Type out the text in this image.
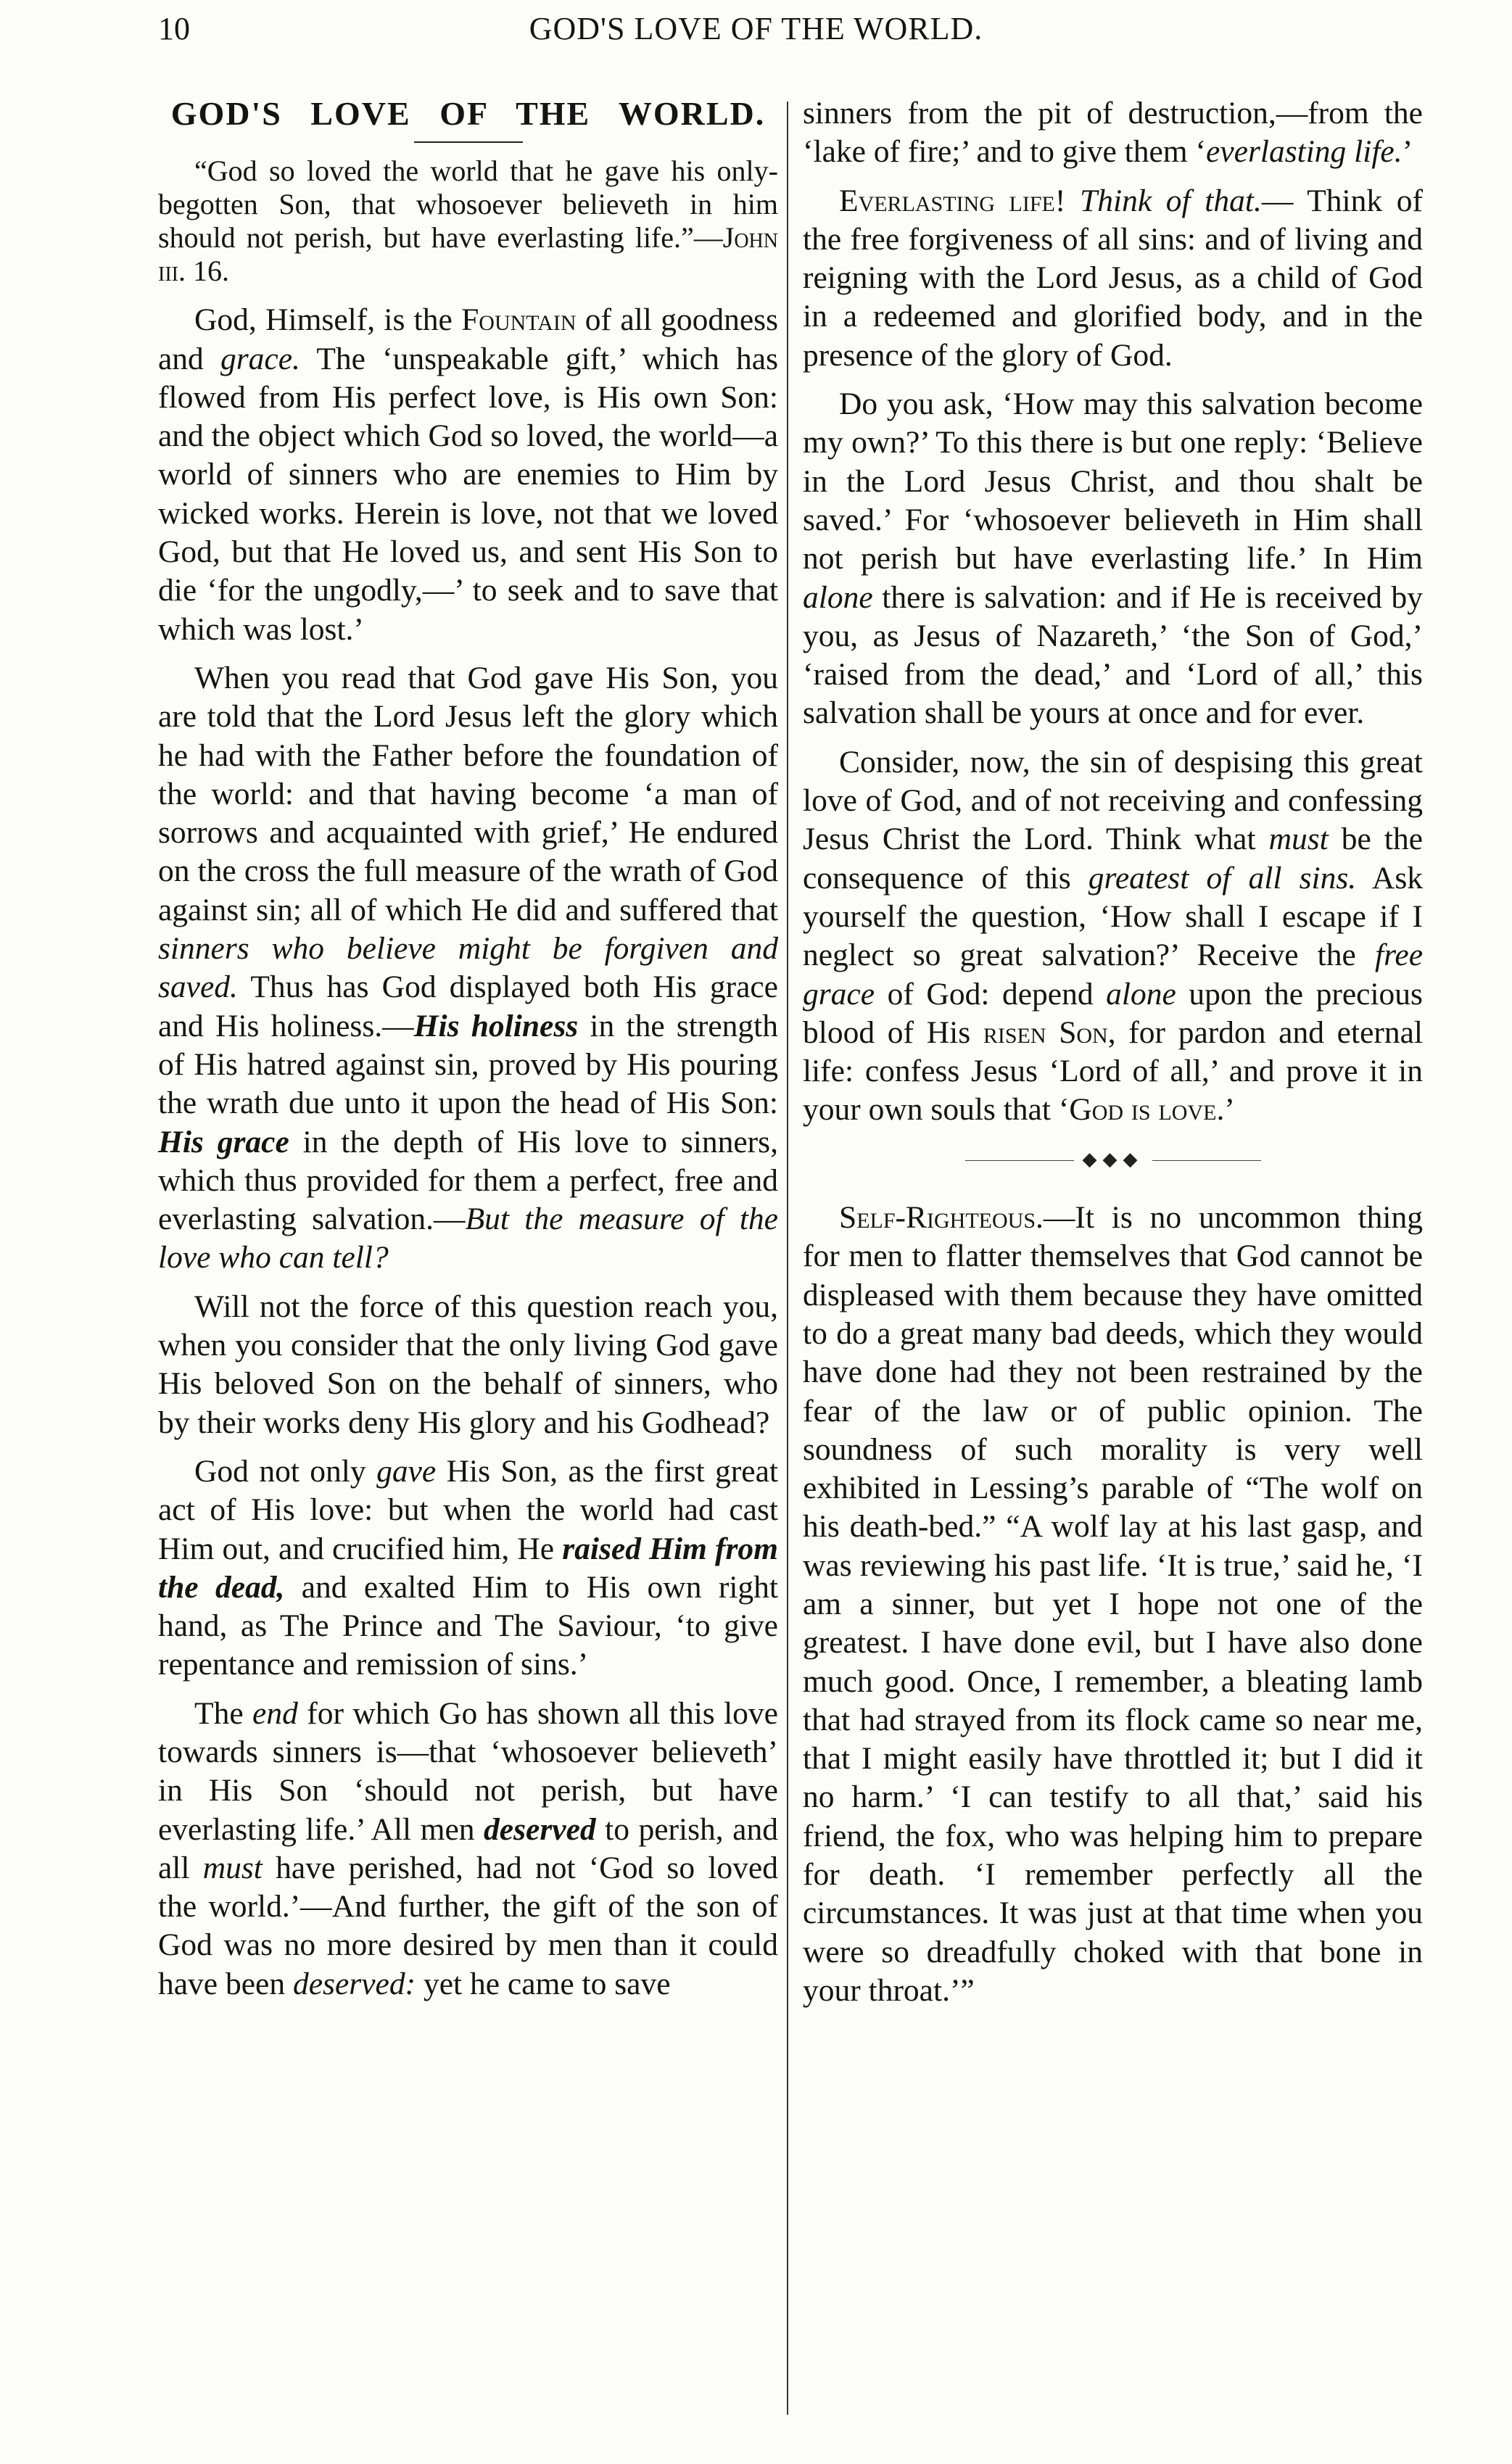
10	GOD'S LOVE OF THE WORLD.
GOD'S LOVE OF THE WORLD.
“God so loved the world that he gave his only-begotten Son, that whosoever believeth in him should not perish, but have everlasting life.”—John iii. 16.

God, Himself, is the Fountain of all goodness and grace. The ‘unspeakable gift,’ which has flowed from His perfect love, is His own Son: and the object which God so loved, the world—a world of sinners who are enemies to Him by wicked works. Herein is love, not that we loved God, but that He loved us, and sent His Son to die ‘for the ungodly,—’ to seek and to save that which was lost.’

When you read that God gave His Son, you are told that the Lord Jesus left the glory which he had with the Father before the foundation of the world: and that having become ‘a man of sorrows and acquainted with grief,’ He endured on the cross the full measure of the wrath of God against sin; all of which He did and suffered that sinners who believe might be forgiven and saved. Thus has God displayed both His grace and His holiness.—His holiness in the strength of His hatred against sin, proved by His pouring the wrath due unto it upon the head of His Son: His grace in the depth of His love to sinners, which thus provided for them a perfect, free and everlasting salvation.—But the measure of the love who can tell?

Will not the force of this question reach you, when you consider that the only living God gave His beloved Son on the behalf of sinners, who by their works deny His glory and his Godhead?

God not only gave His Son, as the first great act of His love: but when the world had cast Him out, and crucified him, He raised Him from the dead, and exalted Him to His own right hand, as The Prince and The Saviour, ‘to give repentance and remission of sins.’

The end for which Go has shown all this love towards sinners is—that ‘whosoever believeth’ in His Son ‘should not perish, but have everlasting life.’ All men deserved to perish, and all must have perished, had not ‘God so loved the world.’—And further, the gift of the son of God was no more desired by men than it could have been deserved: yet he came to save

sinners from the pit of destruction,—from the ‘lake of fire;’ and to give them ‘everlasting life.’

Everlasting life! Think of that.— Think of the free forgiveness of all sins: and of living and reigning with the Lord Jesus, as a child of God in a redeemed and glorified body, and in the presence of the glory of God.

Do you ask, ‘How may this salvation become my own?’ To this there is but one reply: ‘Believe in the Lord Jesus Christ, and thou shalt be saved.’ For ‘whosoever believeth in Him shall not perish but have everlasting life.’ In Him alone there is salvation: and if He is received by you, as Jesus of Nazareth,’ ‘the Son of God,’ ‘raised from the dead,’ and ‘Lord of all,’ this salvation shall be yours at once and for ever.

Consider, now, the sin of despising this great love of God, and of not receiving and confessing Jesus Christ the Lord. Think what must be the consequence of this greatest of all sins. Ask yourself the question, ‘How shall I escape if I neglect so great salvation?’ Receive the free grace of God: depend alone upon the precious blood of His risen Son, for pardon and eternal life: confess Jesus ‘Lord of all,’ and prove it in your own souls that ‘God is love.’

◆◆◆

Self-Righteous.—It is no uncommon thing for men to flatter themselves that God cannot be displeased with them because they have omitted to do a great many bad deeds, which they would have done had they not been restrained by the fear of the law or of public opinion. The soundness of such morality is very well exhibited in Lessing’s parable of “The wolf on his death-bed.” “A wolf lay at his last gasp, and was reviewing his past life. ‘It is true,’ said he, ‘I am a sinner, but yet I hope not one of the greatest. I have done evil, but I have also done much good. Once, I remember, a bleating lamb that had strayed from its flock came so near me, that I might easily have throttled it; but I did it no harm.’ ‘I can testify to all that,’ said his friend, the fox, who was helping him to prepare for death. ‘I remember perfectly all the circumstances. It was just at that time when you were so dreadfully choked with that bone in your throat.’”
